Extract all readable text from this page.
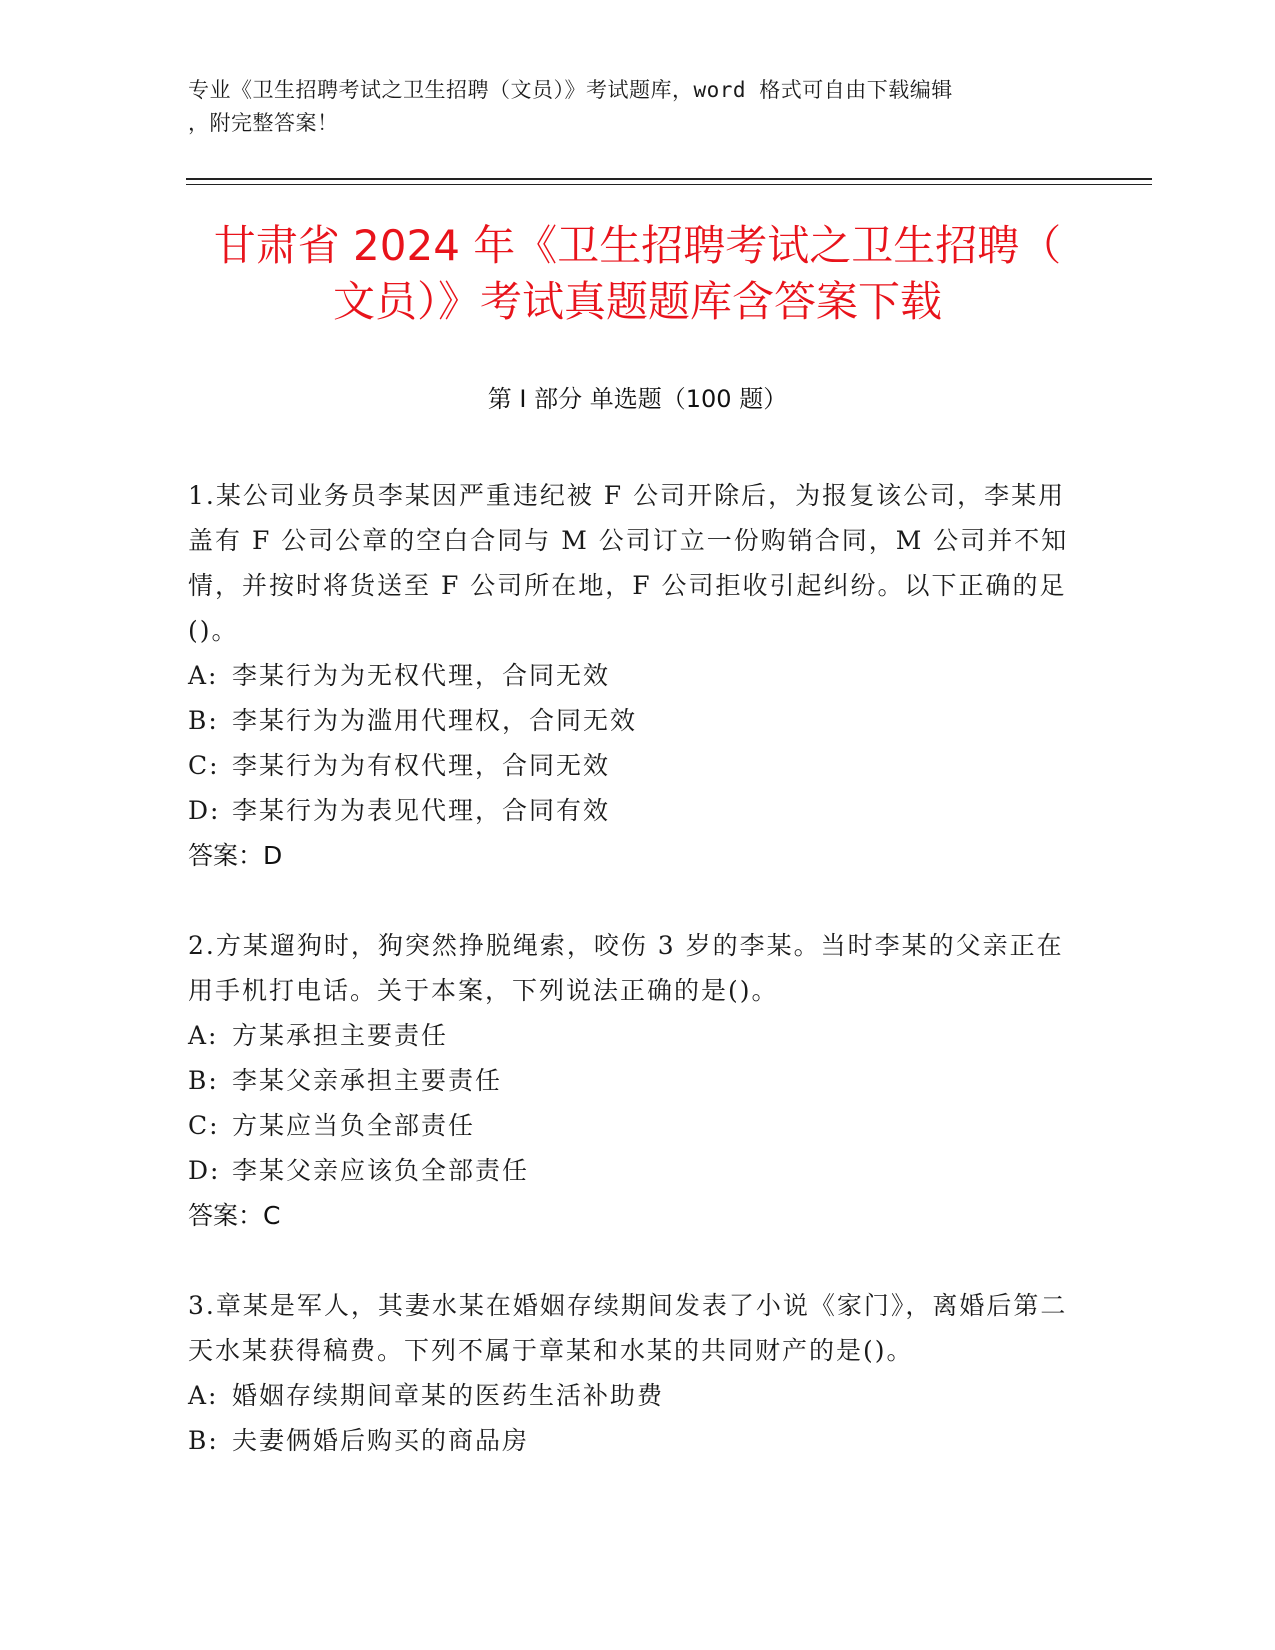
专业《卫生招聘考试之卫生招聘（文员）》考试题库，word 格式可自由下载编辑
，附完整答案！
甘肃省 2024 年《卫生招聘考试之卫生招聘（
文员）》考试真题题库含答案下载
第 I 部分 单选题（100 题）
1.某公司业务员李某因严重违纪被 F 公司开除后，为报复该公司，李某用盖有 F 公司公章的空白合同与 M 公司订立一份购销合同，M 公司并不知情，并按时将货送至 F 公司所在地，F 公司拒收引起纠纷。以下正确的足()。
A: 李某行为为无权代理，合同无效
B: 李某行为为滥用代理权，合同无效
C: 李某行为为有权代理，合同无效
D: 李某行为为表见代理，合同有效
答案：D
2.方某遛狗时，狗突然挣脱绳索，咬伤 3 岁的李某。当时李某的父亲正在用手机打电话。关于本案，下列说法正确的是()。
A: 方某承担主要责任
B: 李某父亲承担主要责任
C: 方某应当负全部责任
D: 李某父亲应该负全部责任
答案：C
3.章某是军人，其妻水某在婚姻存续期间发表了小说《家门》，离婚后第二天水某获得稿费。下列不属于章某和水某的共同财产的是()。
A: 婚姻存续期间章某的医药生活补助费
B: 夫妻俩婚后购买的商品房
